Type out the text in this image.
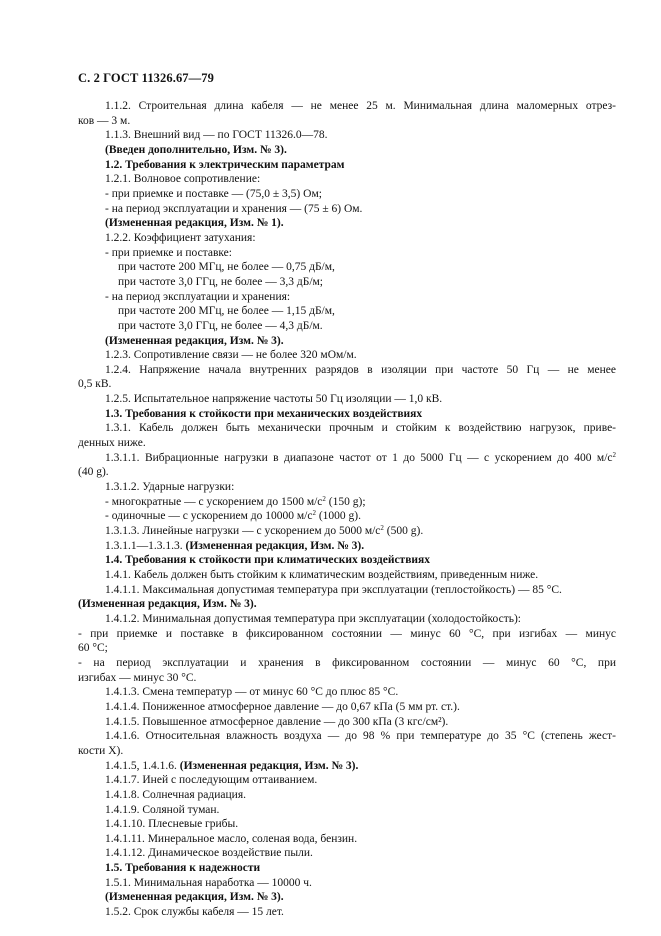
С. 2 ГОСТ 11326.67—79
1.1.2. Строительная длина кабеля — не менее 25 м. Минимальная длина маломерных отрез-
ков — 3 м.
1.1.3. Внешний вид — по ГОСТ 11326.0—78.
(Введен дополнительно, Изм. № 3).
1.2. Требования к электрическим параметрам
1.2.1. Волновое сопротивление:
- при приемке и поставке — (75,0 ± 3,5) Ом;
- на период эксплуатации и хранения — (75 ± 6) Ом.
(Измененная редакция, Изм. № 1).
1.2.2. Коэффициент затухания:
- при приемке и поставке:
при частоте 200 МГц, не более — 0,75 дБ/м,
при частоте 3,0 ГГц, не более — 3,3 дБ/м;
- на период эксплуатации и хранения:
при частоте 200 МГц, не более — 1,15 дБ/м,
при частоте 3,0 ГГц, не более — 4,3 дБ/м.
(Измененная редакция, Изм. № 3).
1.2.3. Сопротивление связи — не более 320 мОм/м.
1.2.4. Напряжение начала внутренних разрядов в изоляции при частоте 50 Гц — не менее
0,5 кВ.
1.2.5. Испытательное напряжение частоты 50 Гц изоляции — 1,0 кВ.
1.3. Требования к стойкости при механических воздействиях
1.3.1. Кабель должен быть механически прочным и стойким к воздействию нагрузок, приве-
денных ниже.
1.3.1.1. Вибрационные нагрузки в диапазоне частот от 1 до 5000 Гц — с ускорением до 400 $м/с^2$
(40 g).
1.3.1.2. Ударные нагрузки:
- многократные — с ускорением до 1500 $м/с^2$ (150 g);
- одиночные — с ускорением до 10000 $м/с^2$ (1000 g).
1.3.1.3. Линейные нагрузки — с ускорением до 5000 $м/с^2$ (500 g).
1.3.1.1—1.3.1.3. (Измененная редакция, Изм. № 3).
1.4. Требования к стойкости при климатических воздействиях
1.4.1. Кабель должен быть стойким к климатическим воздействиям, приведенным ниже.
1.4.1.1. Максимальная допустимая температура при эксплуатации (теплостойкость) — 85 °С.
(Измененная редакция, Изм. № 3).
1.4.1.2. Минимальная допустимая температура при эксплуатации (холодостойкость):
- при приемке и поставке в фиксированном состоянии — минус 60 °С, при изгибах — минус
60 °С;
- на период эксплуатации и хранения в фиксированном состоянии — минус 60 °С, при
изгибах — минус 30 °С.
1.4.1.3. Смена температур — от минус 60 °С до плюс 85 °С.
1.4.1.4. Пониженное атмосферное давление — до 0,67 кПа (5 мм рт. ст.).
1.4.1.5. Повышенное атмосферное давление — до 300 кПа (3 кгс/см²).
1.4.1.6. Относительная влажность воздуха — до 98 % при температуре до 35 °С (степень жест-
кости X).
1.4.1.5, 1.4.1.6. (Измененная редакция, Изм. № 3).
1.4.1.7. Иней с последующим оттаиванием.
1.4.1.8. Солнечная радиация.
1.4.1.9. Соляной туман.
1.4.1.10. Плесневые грибы.
1.4.1.11. Минеральное масло, соленая вода, бензин.
1.4.1.12. Динамическое воздействие пыли.
1.5. Требования к надежности
1.5.1. Минимальная наработка — 10000 ч.
(Измененная редакция, Изм. № 3).
1.5.2. Срок службы кабеля — 15 лет.
